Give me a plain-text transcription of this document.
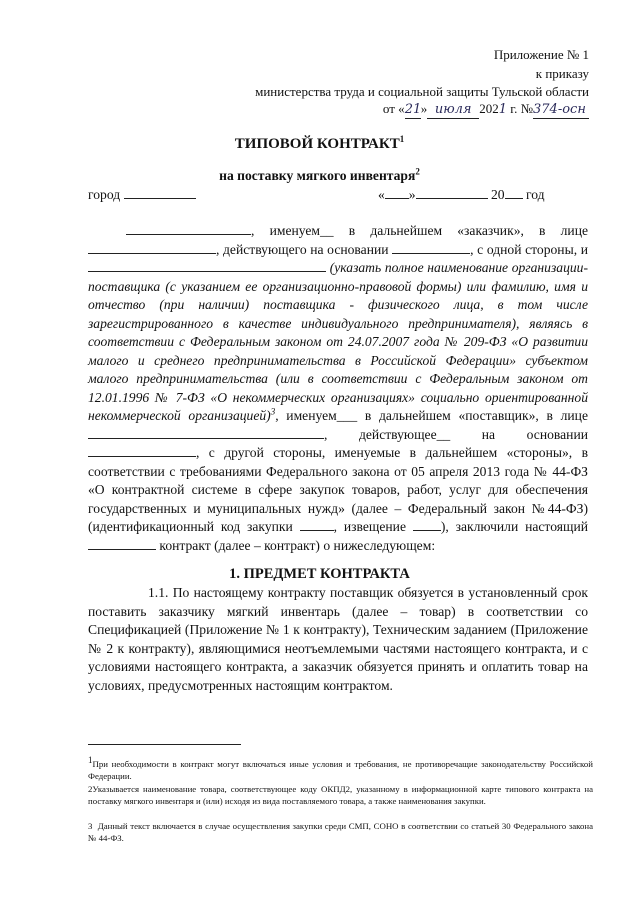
Приложение № 1
к приказу
министерства труда и социальной защиты Тульской области
от «21» июля 2021 г. №374-осн
ТИПОВОЙ КОНТРАКТ$^1$
на поставку мягкого инвентаря$^2$
город	« »	20 год

, именуем__ в дальнейшем «заказчик», в лице , действующего на основании	, с одной стороны, и  (указать полное наименование организации-поставщика (с указанием ее организационно-правовой формы) или фамилию, имя и отчество (при наличии) поставщика - физического лица, в том числе зарегистрированного в качестве индивидуального предпринимателя), являясь в соответствии с Федеральным законом от 24.07.2007 года № 209-ФЗ «О развитии малого и среднего предпринимательства в Российской Федерации» субъектом малого предпринимательства (или в соответствии с Федеральным законом от 12.01.1996 № 7-ФЗ «О некоммерческих организациях» социально ориентированной некоммерческой организацией)$^3$, именуем___ в дальнейшем «поставщик», в лице , действующее__ на основании , с другой стороны, именуемые в дальнейшем «стороны», в соответствии с требованиями Федерального закона от 05 апреля 2013 года № 44-ФЗ «О контрактной системе в сфере закупок товаров, работ, услуг для обеспечения государственных и муниципальных нужд» (далее – Федеральный закон №44-ФЗ) (идентификационный код закупки	, извещение	), заключили настоящий  контракт (далее – контракт) о нижеследующем:

1. ПРЕДМЕТ КОНТРАКТА
1.1. По настоящему контракту поставщик обязуется в установленный срок поставить заказчику мягкий инвентарь (далее – товар) в соответствии со Спецификацией (Приложение № 1 к контракту), Техническим заданием (Приложение № 2 к контракту), являющимися неотъемлемыми частями настоящего контракта, и с условиями настоящего контракта, а заказчик обязуется принять и оплатить товар на условиях, предусмотренных настоящим контрактом.

$^1$При необходимости в контракт могут включаться иные условия и требования, не противоречащие законодательству Российской Федерации.

2Указывается наименование товара, соответствующее коду ОКПД2, указанному в информационной карте типового контракта на поставку мягкого инвентаря и (или) исходя из вида поставляемого товара, а также наименования закупки.

3 Данный текст включается в случае осуществления закупки среди СМП, СОНО в соответствии со статьей 30 Федерального закона № 44-ФЗ.
